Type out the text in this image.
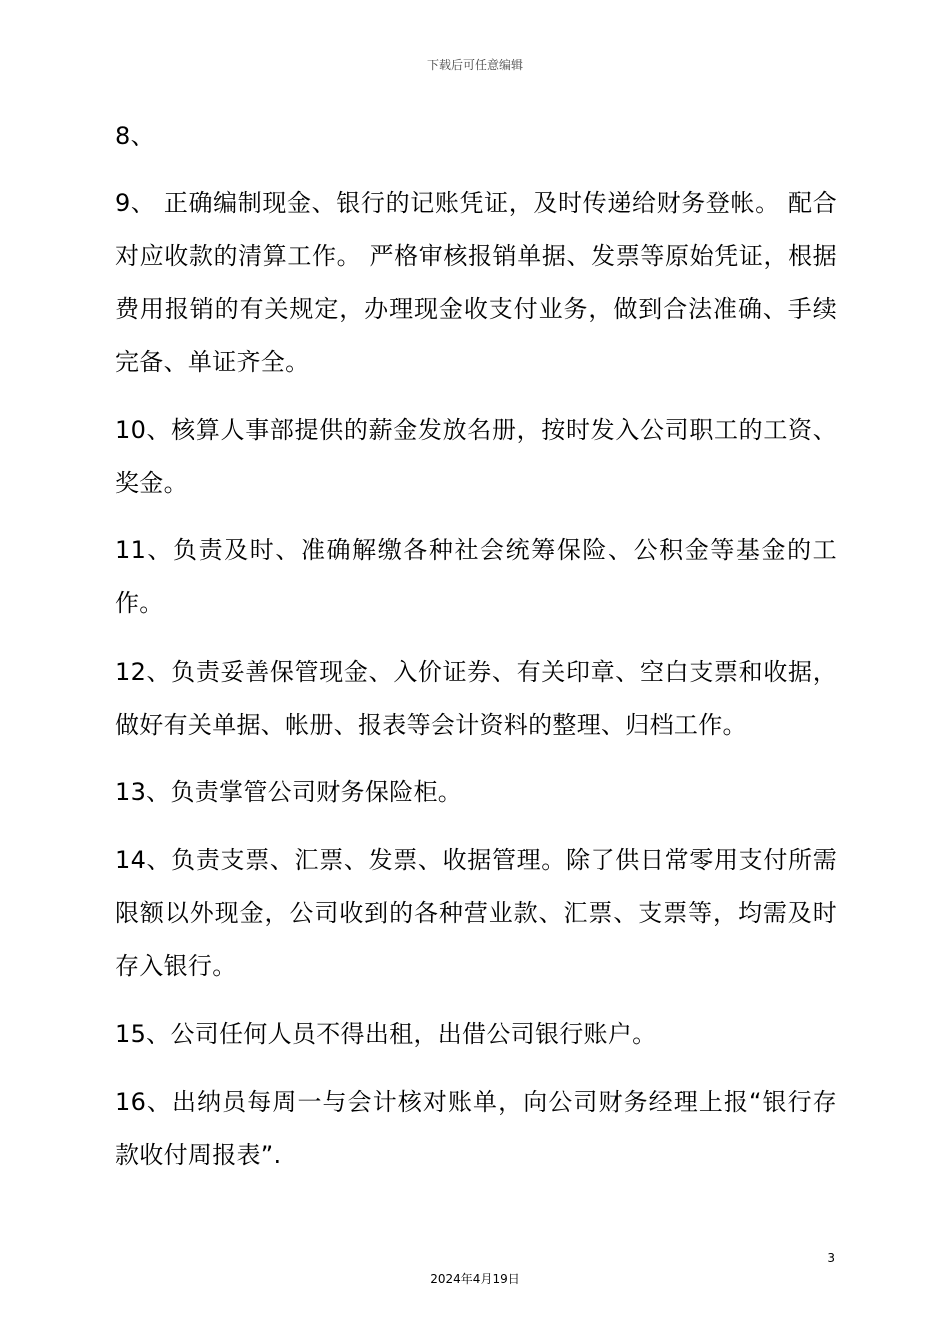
下载后可任意编辑

8、

9、 正确编制现金、银行的记账凭证，及时传递给财务登帐。 配合对应收款的清算工作。 严格审核报销单据、发票等原始凭证，根据费用报销的有关规定，办理现金收支付业务，做到合法准确、手续完备、单证齐全。

10、核算人事部提供的薪金发放名册，按时发入公司职工的工资、奖金。

11、负责及时、准确解缴各种社会统筹保险、公积金等基金的工作。

12、负责妥善保管现金、入价证券、有关印章、空白支票和收据，做好有关单据、帐册、报表等会计资料的整理、归档工作。

13、负责掌管公司财务保险柜。

14、负责支票、汇票、发票、收据管理。除了供日常零用支付所需限额以外现金，公司收到的各种营业款、汇票、支票等，均需及时存入银行。

15、公司任何人员不得出租，出借公司银行账户。

16、出纳员每周一与会计核对账单，向公司财务经理上报“银行存款收付周报表”.

3
2024年4月19日
